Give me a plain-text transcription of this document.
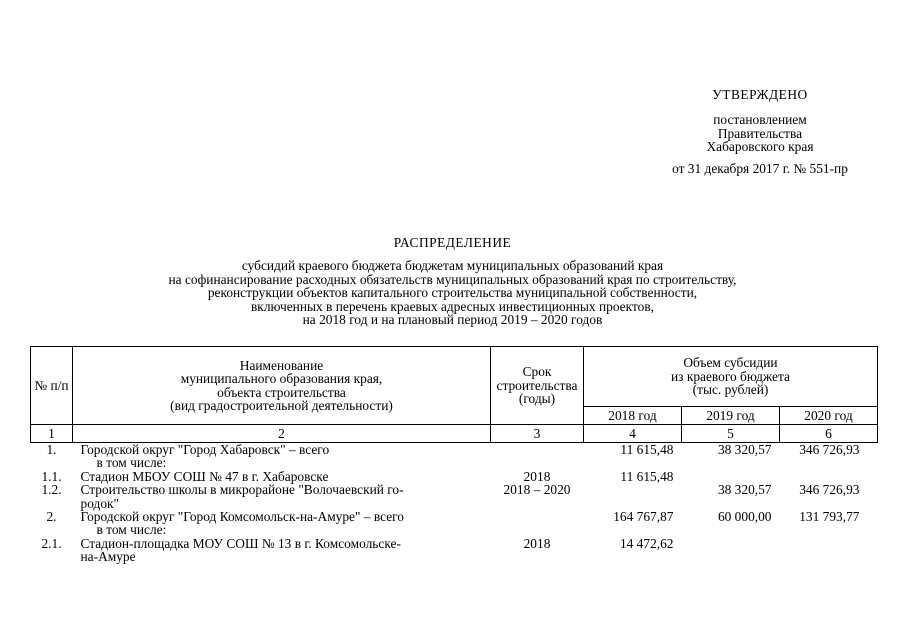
УТВЕРЖДЕНО
постановлением
Правительства
Хабаровского края
от 31 декабря 2017 г. № 551-пр
РАСПРЕДЕЛЕНИЕ
субсидий краевого бюджета бюджетам муниципальных образований края
на софинансирование расходных обязательств муниципальных образований края по строительству,
реконструкции объектов капитального строительства муниципальной собственности,
включенных в перечень краевых адресных инвестиционных проектов,
на 2018 год и на плановый период 2019 – 2020 годов
№ п/п	Наименование
муниципального образования края,
объекта строительства
(вид градостроительной деятельности)	Срок
строительства
(годы)	Объем субсидии
из краевого бюджета
(тыс. рублей)		

			2018 год	2019 год	2020 год
1	2	3	4	5	6
1.	Городской округ "Город Хабаровск" – всего		11 615,48	38 320,57	346 726,93
	в том числе:				
1.1.	Стадион МБОУ СОШ № 47 в г. Хабаровске	2018	11 615,48		
1.2.	Строительство школы в микрорайоне "Волочаевский го-
родок"	2018 – 2020		38 320,57	346 726,93
2.	Городской округ "Город Комсомольск-на-Амуре" – всего		164 767,87	60 000,00	131 793,77
	в том числе:				
2.1.	Стадион-площадка МОУ СОШ № 13 в г. Комсомольске-
на-Амуре	2018	14 472,62		
